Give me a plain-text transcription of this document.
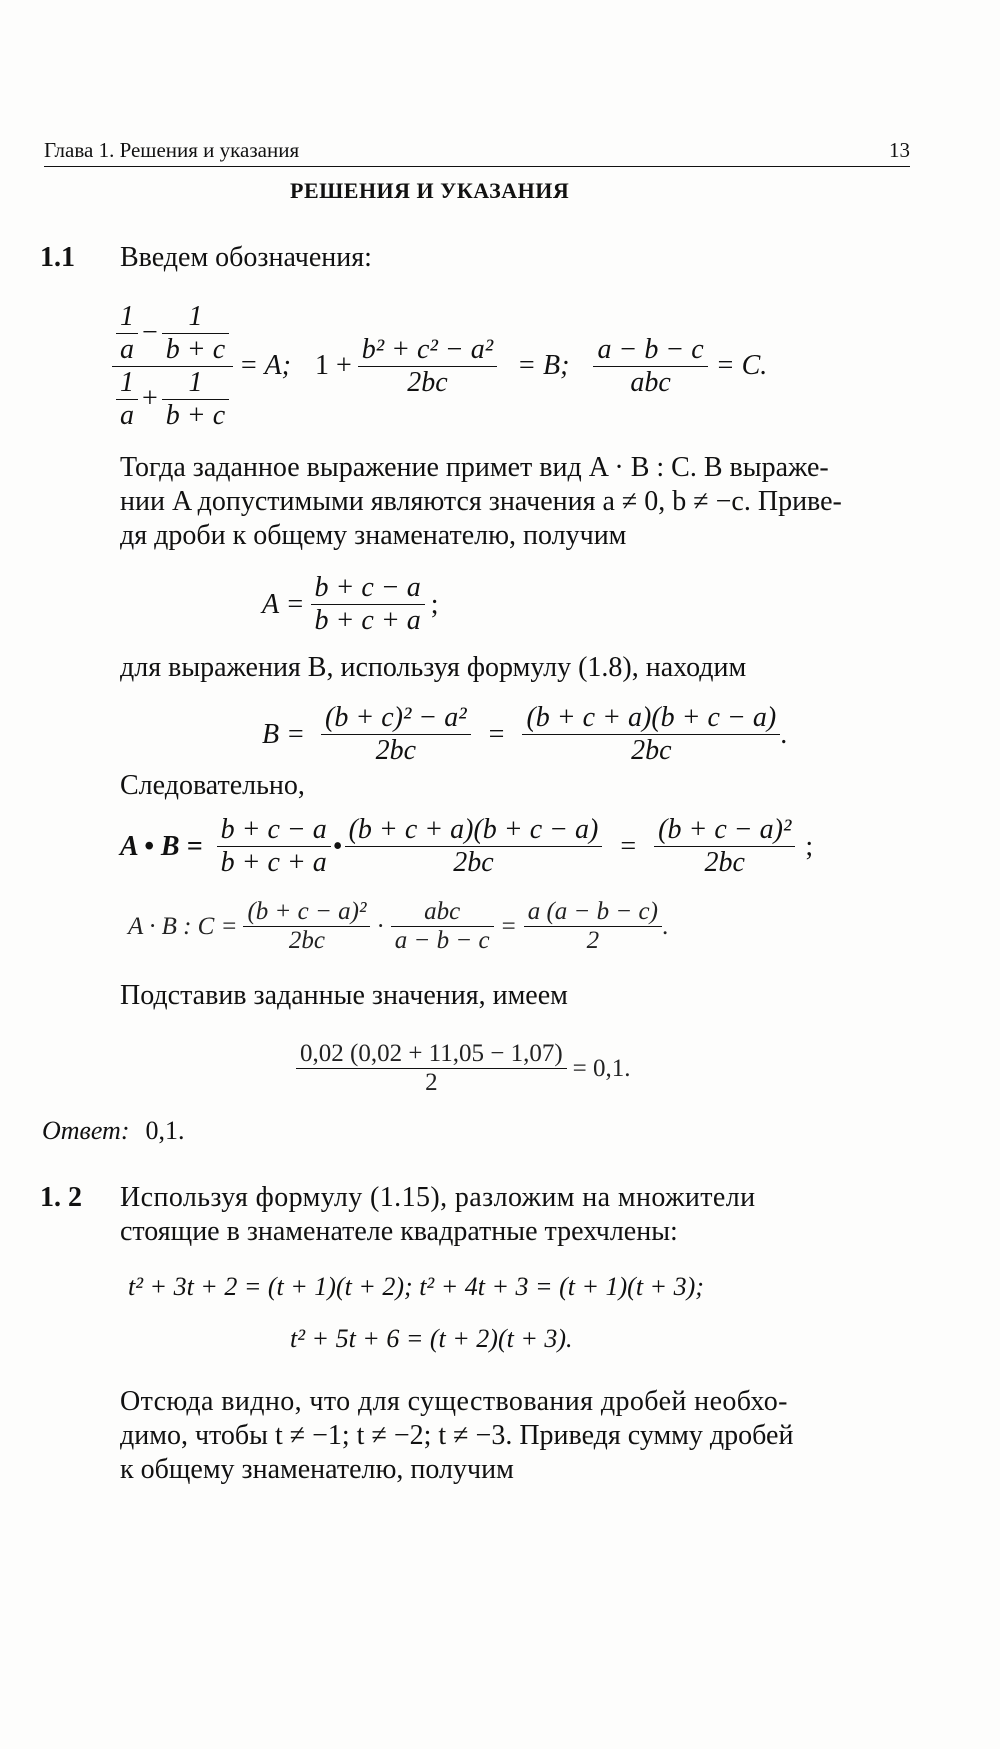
Глава 1. Решения и указания	13
РЕШЕНИЯ И УКАЗАНИЯ
1.1 Введем обозначения:
$\frac{\frac{1}{a} - \frac{1}{b + c}}{\frac{1}{a} + \frac{1}{b + c}} = A$; $1 + \frac{\text{b² + c² − a²}}{2bc} = B$; $\frac{a - b - c}{\text{abc}} = C$.
Тогда заданное выражение примет вид A · B : C. В выраже-
нии A допустимыми являются значения a ≠ 0, b ≠ −c. Приве-
дя дроби к общему знаменателю, получим
$A = \frac{b + c - a}{b + c + a}$ ;
для выражения B, используя формулу (1.8), находим
$B = \frac{\text{(b + c)² − a²}}{2bc} = \frac{(b + c + a)(b + c - a)}{2bc}$ .
Следовательно,
A • $B = \frac{b + c - a}{b + c + a}$ • $\frac{(b + c + a)(b + c - a)}{2bc} = \frac{\text{(b + c − a)²}}{2bc}$ ;
A · B : $C = \frac{\text{(b + c − a)²}}{2bc} \cdot \frac{\text{abc}}{a - b - c} = \frac{a (a - b - c)}{2}$ .
Подставив заданные значения, имеем
$\frac{0,02 (0,02 + 11,05 - 1,07)}{2} = 0,1$.
Ответ: 0,1.
1. 2 Используя формулу (1.15), разложим на множители
стоящие в знаменателе квадратные трехчлены:
t² + 3t + 2 = (t + 1)(t + 2); t² + 4t + 3 = (t + 1)(t + 3);
t² + 5t + 6 = (t + 2)(t + 3).
Отсюда видно, что для существования дробей необхо-
димо, чтобы t ≠ −1; t ≠ −2; t ≠ −3. Приведя сумму дробей
к общему знаменателю, получим
